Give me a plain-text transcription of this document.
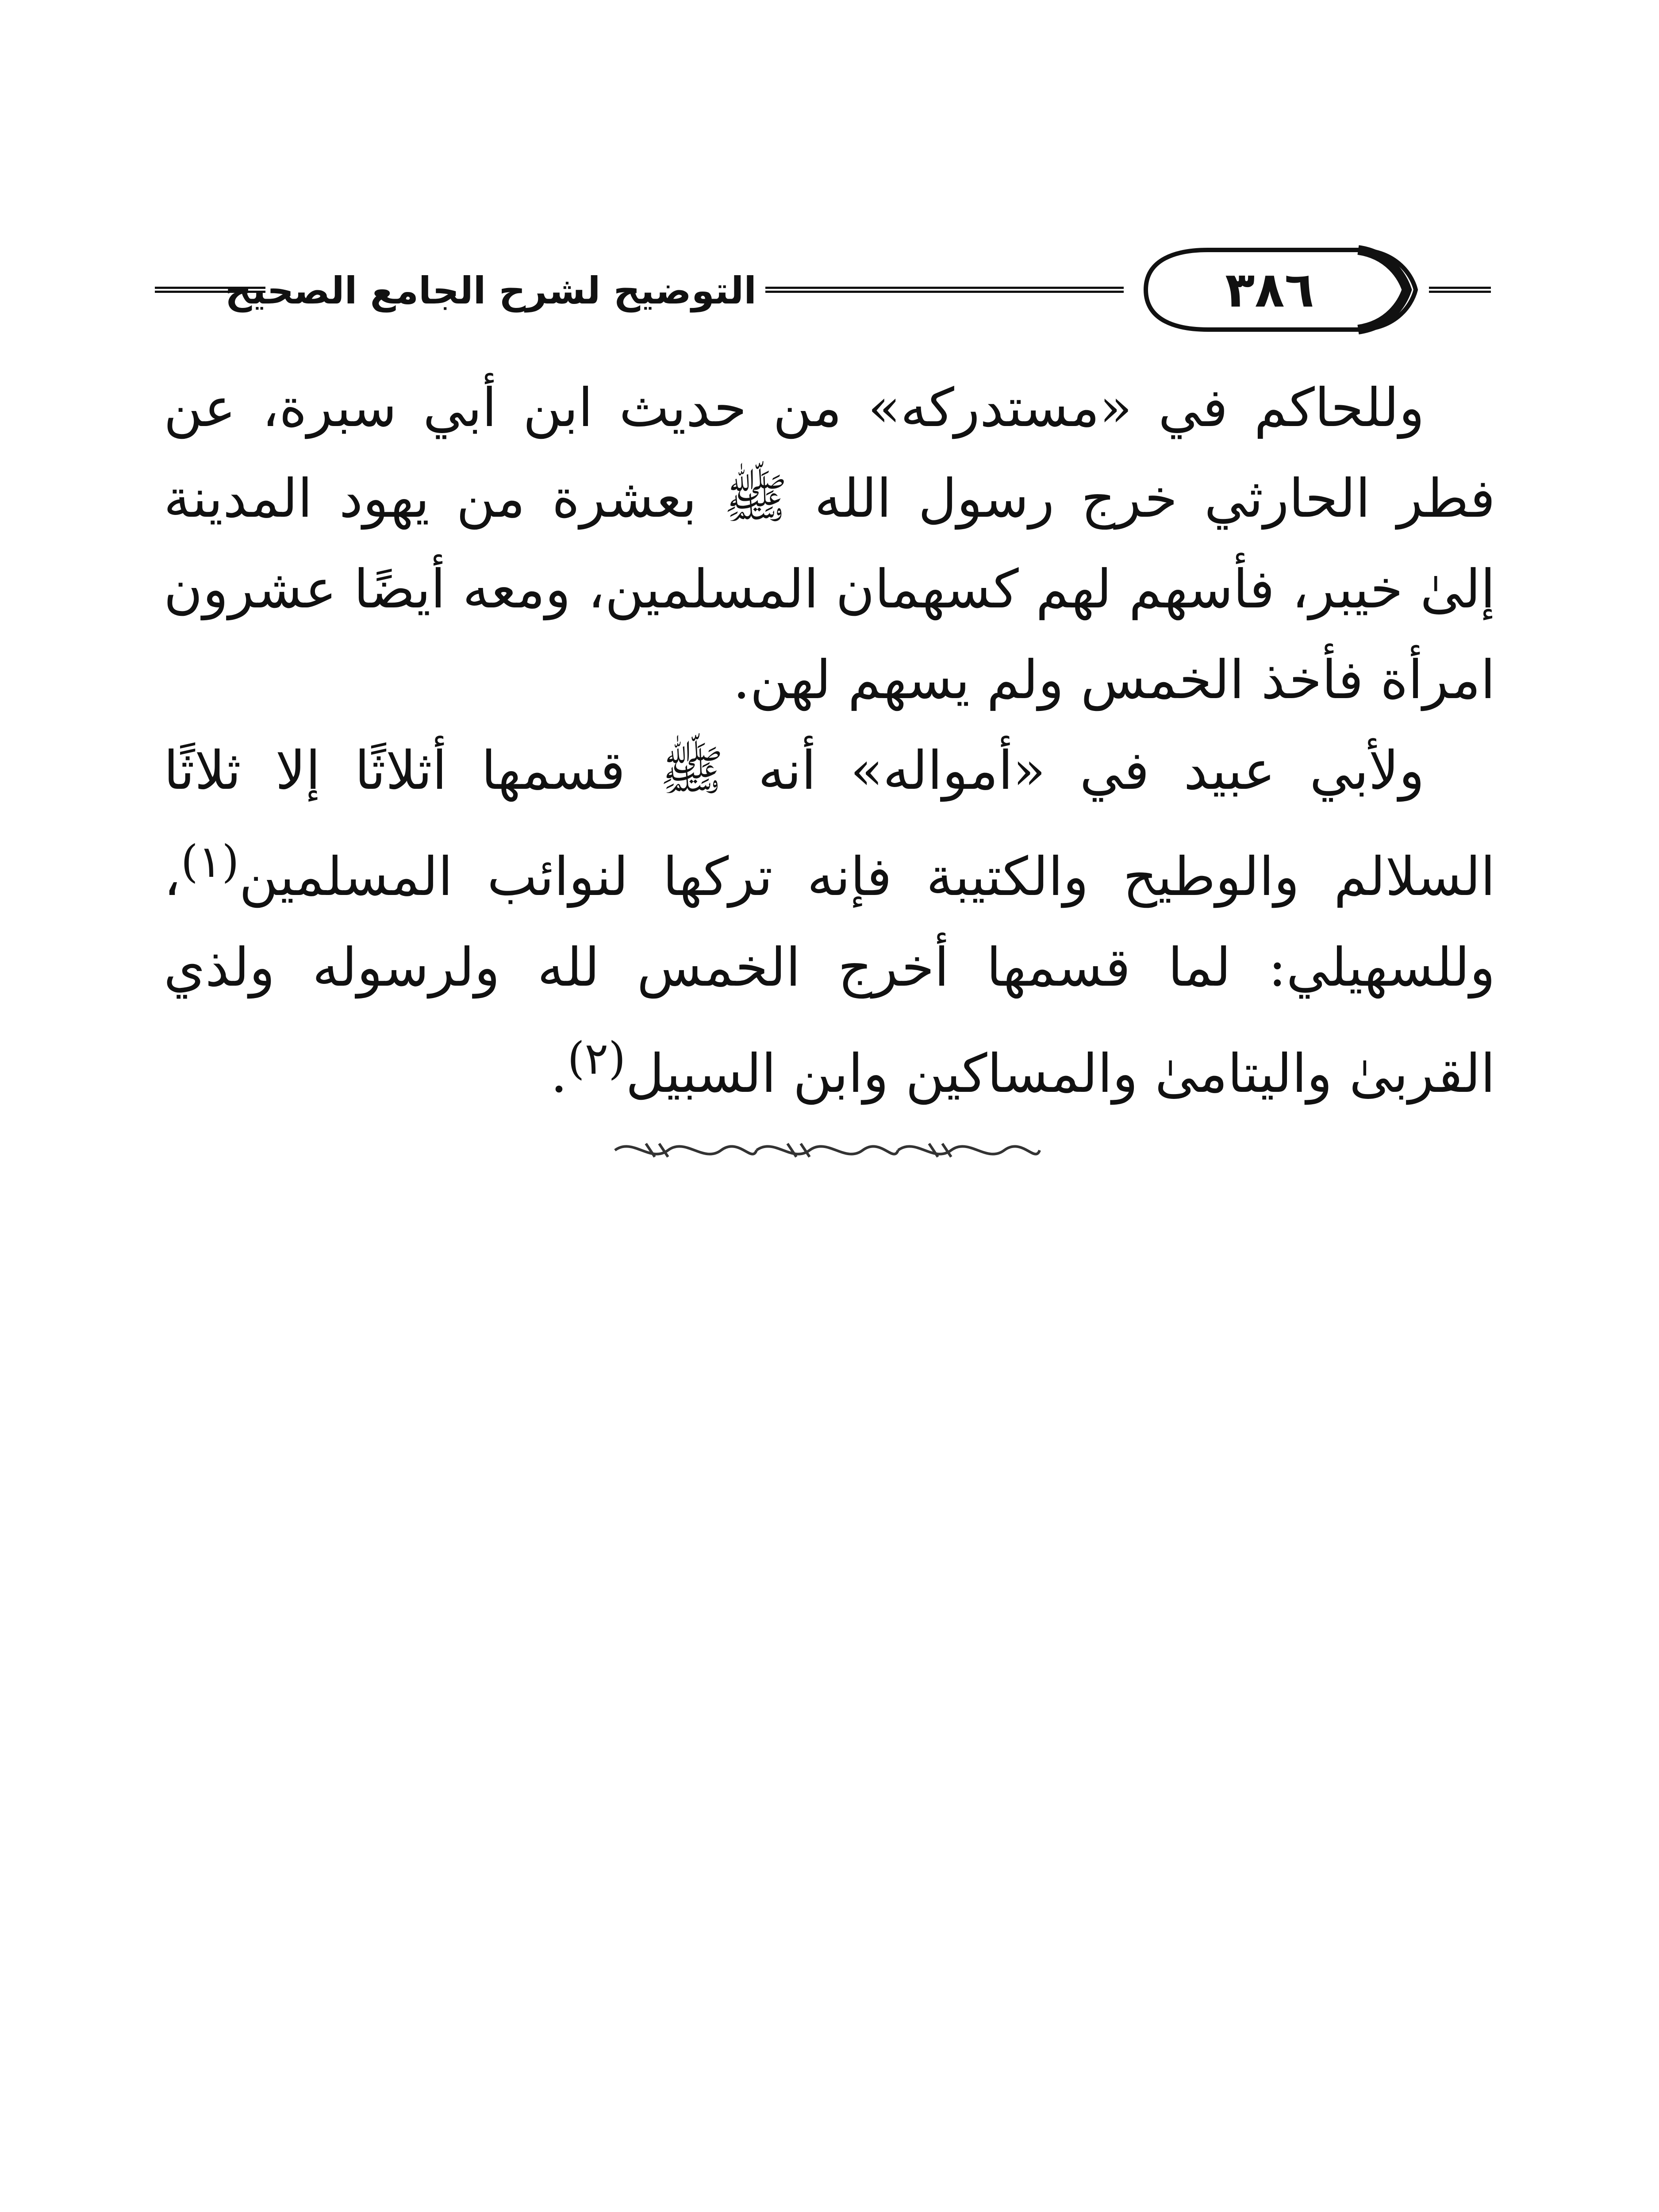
التوضيح لشرح الجامع الصحيح	٣٨٦

وللحاكم في «مستدركه» من حديث ابن أبي سبرة، عن فطر الحارثي خرج رسول الله ﷺ بعشرة من يهود المدينة إلىٰ خيبر، فأسهم لهم كسهمان المسلمين، ومعه أيضًا عشرون امرأة فأخذ الخمس ولم يسهم لهن.

ولأبي عبيد في «أمواله» أنه ﷺ قسمها أثلاثًا إلا ثلاثًا السلالم والوطيح والكتيبة فإنه تركها لنوائب المسلمين$^{(١)}$، وللسهيلي: لما قسمها أخرج الخمس لله ولرسوله ولذي القربىٰ واليتامىٰ والمساكين وابن السبيل$^{(٢)}$.
